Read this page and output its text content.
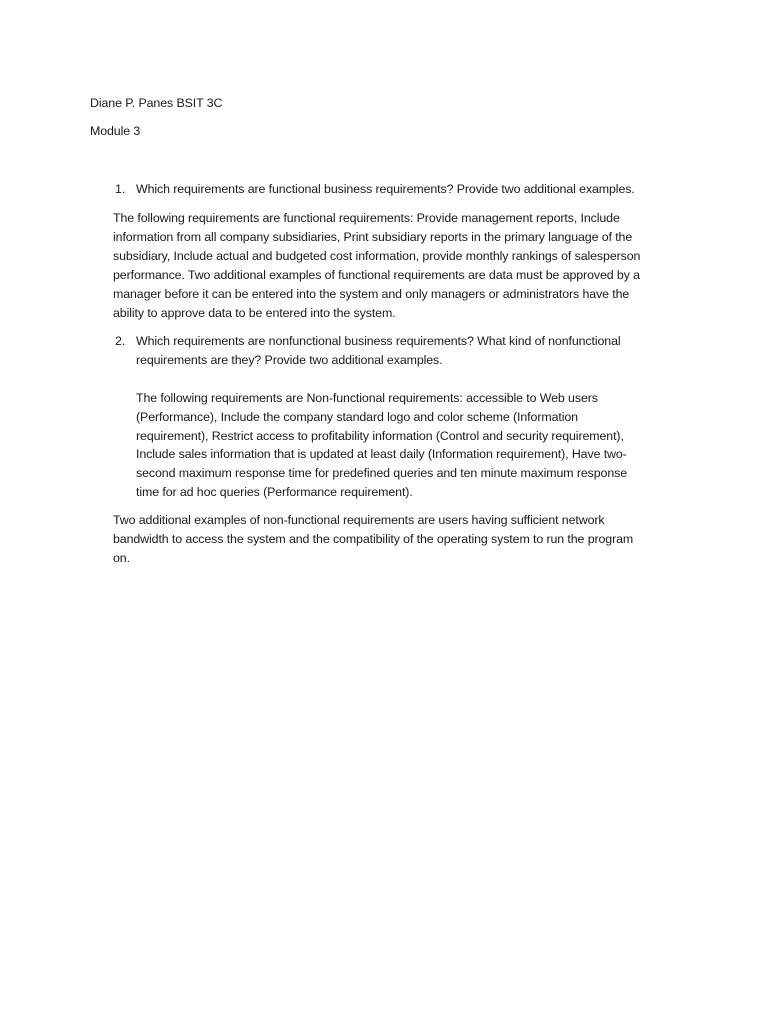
Diane P. Panes BSIT 3C
Module 3
1. Which requirements are functional business requirements? Provide two additional examples.
The following requirements are functional requirements: Provide management reports, Include
information from all company subsidiaries, Print subsidiary reports in the primary language of the
subsidiary, Include actual and budgeted cost information, provide monthly rankings of salesperson
performance. Two additional examples of functional requirements are data must be approved by a
manager before it can be entered into the system and only managers or administrators have the
ability to approve data to be entered into the system.
2. Which requirements are nonfunctional business requirements? What kind of nonfunctional
requirements are they? Provide two additional examples.
The following requirements are Non-functional requirements: accessible to Web users
(Performance), Include the company standard logo and color scheme (Information
requirement), Restrict access to profitability information (Control and security requirement),
Include sales information that is updated at least daily (Information requirement), Have two-
second maximum response time for predefined queries and ten minute maximum response
time for ad hoc queries (Performance requirement).
Two additional examples of non-functional requirements are users having sufficient network
bandwidth to access the system and the compatibility of the operating system to run the program
on.
